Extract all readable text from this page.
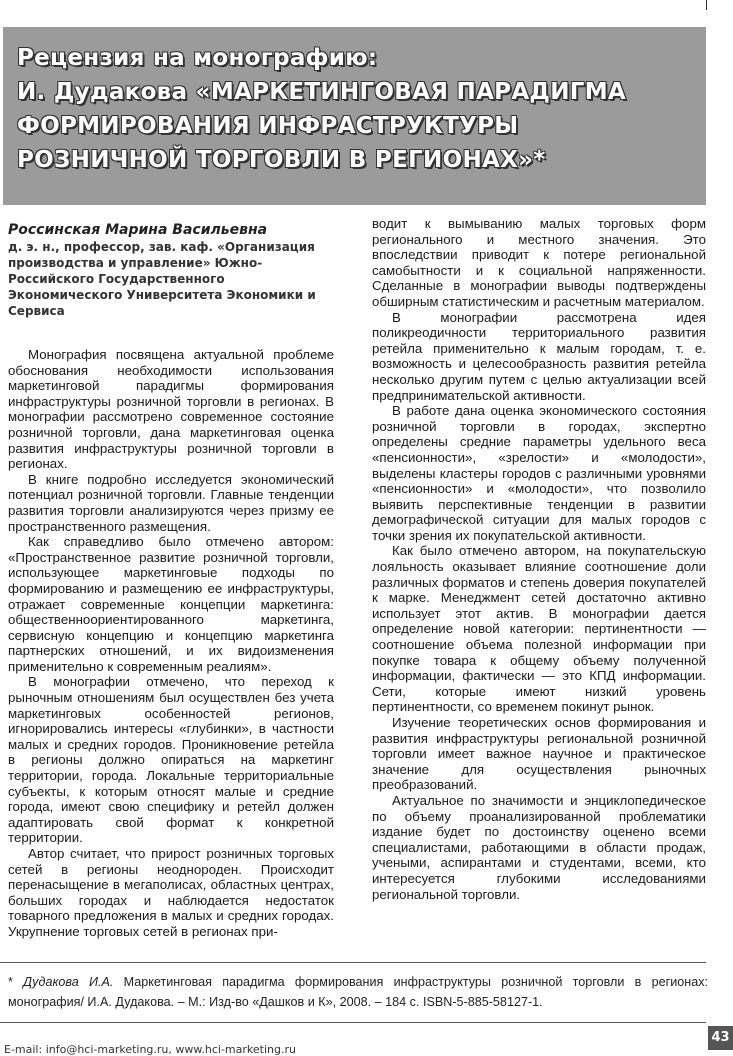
Рецензия на монографию:
И. Дудакова «МАРКЕТИНГОВАЯ ПАРАДИГМА
ФОРМИРОВАНИЯ ИНФРАСТРУКТУРЫ
РОЗНИЧНОЙ ТОРГОВЛИ В РЕГИОНАХ»*

Россинская Марина Васильевна

д. э. н., профессор, зав. каф. «Организация производства и управление» Южно-Российского Государственного Экономического Университета Экономики и Сервиса

Монография посвящена актуальной проблеме обоснования необходимости использования маркетинговой парадигмы формирования инфраструктуры розничной торговли в регионах. В монографии рассмотрено современное состояние розничной торговли, дана маркетинговая оценка развития инфраструктуры розничной торговли в регионах.

В книге подробно исследуется экономический потенциал розничной торговли. Главные тенденции развития торговли анализируются через призму ее пространственного размещения.

Как справедливо было отмечено автором: «Пространственное развитие розничной торговли, использующее маркетинговые подходы по формированию и размещению ее инфраструктуры, отражает современные концепции маркетинга: общественноориентированного маркетинга, сервисную концепцию и концепцию маркетинга партнерских отношений, и их видоизменения применительно к современным реалиям».

В монографии отмечено, что переход к рыночным отношениям был осуществлен без учета маркетинговых особенностей регионов, игнорировались интересы «глубинки», в частности малых и средних городов. Проникновение ретейла в регионы должно опираться на маркетинг территории, города. Локальные территориальные субъекты, к которым относят малые и средние города, имеют свою специфику и ретейл должен адаптировать свой формат к конкретной территории.

Автор считает, что прирост розничных торговых сетей в регионы неоднороден. Происходит перенасыщение в мегаполисах, областных центрах, больших городах и наблюдается недостаток товарного предложения в малых и средних городах. Укрупнение торговых сетей в регионах при-

водит к вымыванию малых торговых форм регионального и местного значения. Это впоследствии приводит к потере региональной самобытности и к социальной напряженности. Сделанные в монографии выводы подтверждены обширным статистическим и расчетным материалом.

В монографии рассмотрена идея поликреодичности территориального развития ретейла применительно к малым городам, т. е. возможность и целесообразность развития ретейла несколько другим путем с целью актуализации всей предпринимательской активности.

В работе дана оценка экономического состояния розничной торговли в городах, экспертно определены средние параметры удельного веса «пенсионности», «зрелости» и «молодости», выделены кластеры городов с различными уровнями «пенсионности» и «молодости», что позволило выявить перспективные тенденции в развитии демографической ситуации для малых городов с точки зрения их покупательской активности.

Как было отмечено автором, на покупательскую лояльность оказывает влияние соотношение доли различных форматов и степень доверия покупателей к марке. Менеджмент сетей достаточно активно использует этот актив. В монографии дается определение новой категории: пертинентности — соотношение объема полезной информации при покупке товара к общему объему полученной информации, фактически — это КПД информации. Сети, которые имеют низкий уровень пертинентности, со временем покинут рынок.

Изучение теоретических основ формирования и развития инфраструктуры региональной розничной торговли имеет важное научное и практическое значение для осуществления рыночных преобразований.

Актуальное по значимости и энциклопедическое по объему проанализированной проблематики издание будет по достоинству оценено всеми специалистами, работающими в области продаж, учеными, аспирантами и студентами, всеми, кто интересуется глубокими исследованиями региональной торговли.

* Дудакова И.А. Маркетинговая парадигма формирования инфраструктуры розничной торговли в регионах: монография/ И.А. Дудакова. – М.: Изд-во «Дашков и К», 2008. – 184 с. ISBN-5-885-58127-1.

43
E-mail: info@hci-marketing.ru, www.hci-marketing.ru
